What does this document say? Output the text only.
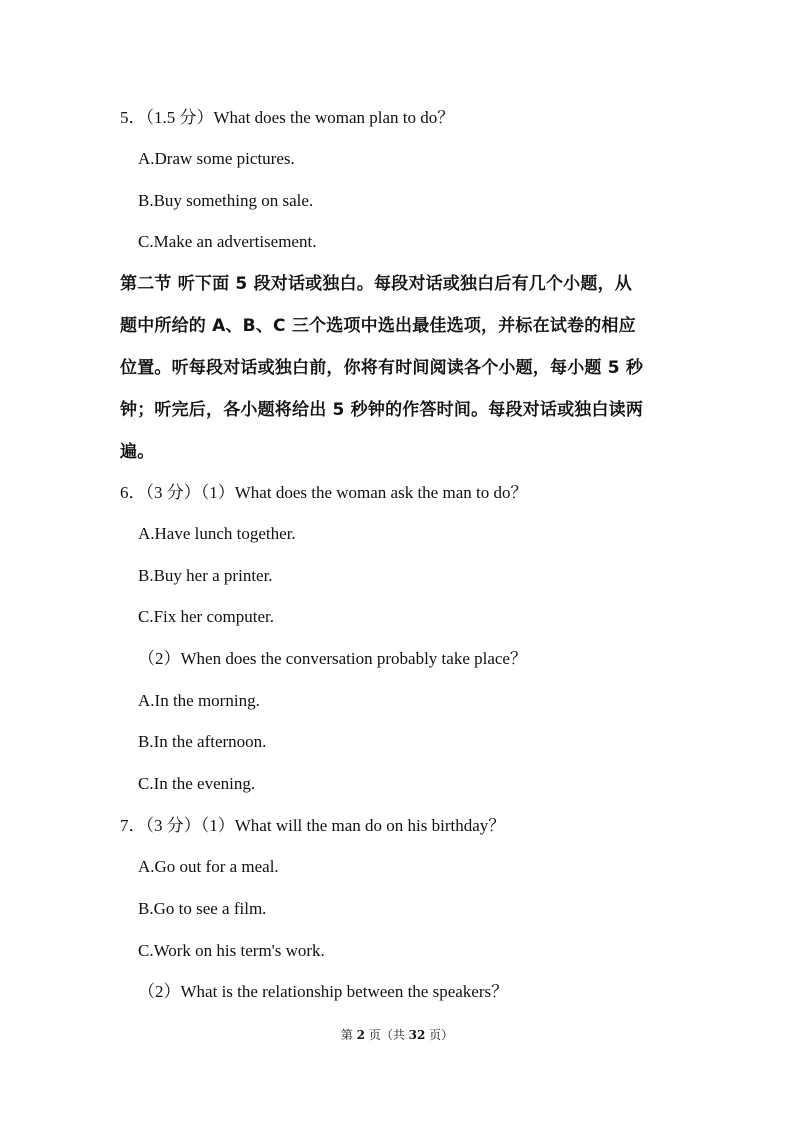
5．（1.5 分）What does the woman plan to do？
A.Draw some pictures.
B.Buy something on sale.
C.Make an advertisement.
第二节 听下面 5 段对话或独白。每段对话或独白后有几个小题，从
题中所给的 A、B、C 三个选项中选出最佳选项，并标在试卷的相应
位置。听每段对话或独白前，你将有时间阅读各个小题，每小题 5 秒
钟；听完后，各小题将给出 5 秒钟的作答时间。每段对话或独白读两
遍。
6．（3 分）（1）What does the woman ask the man to do？
A.Have lunch together.
B.Buy her a printer.
C.Fix her computer.
（2）When does the conversation probably take place？
A.In the morning.
B.In the afternoon.
C.In the evening.
7．（3 分）（1）What will the man do on his birthday？
A.Go out for a meal.
B.Go to see a film.
C.Work on his term's work.
（2）What is the relationship between the speakers？
第 2 页（共 32 页）
